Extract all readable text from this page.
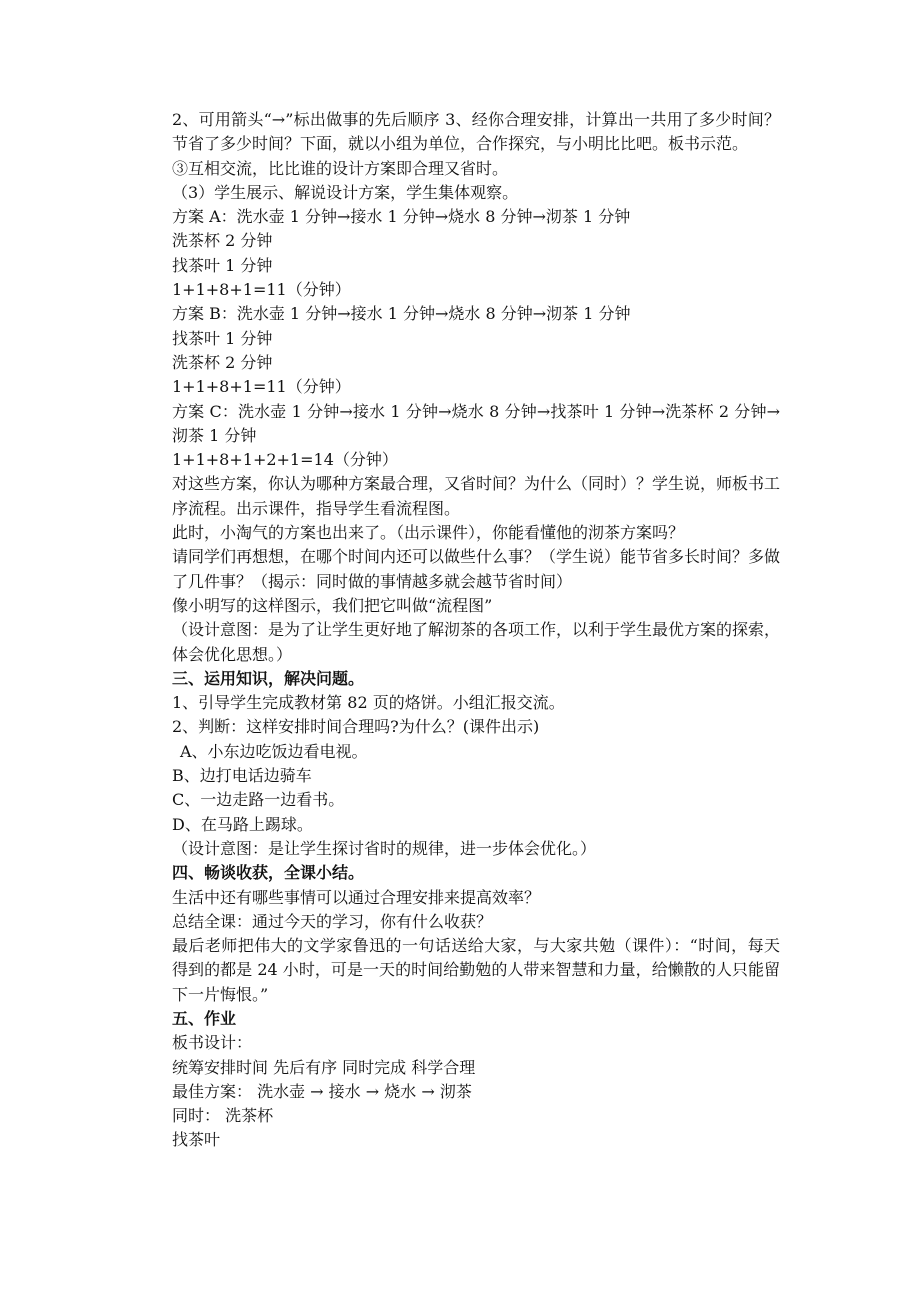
2、可用箭头“→”标出做事的先后顺序 3、经你合理安排，计算出一共用了多少时间？节省了多少时间？下面，就以小组为单位，合作探究，与小明比比吧。板书示范。

③互相交流，比比谁的设计方案即合理又省时。

（3）学生展示、解说设计方案，学生集体观察。

方案 A：洗水壶 1 分钟→接水 1 分钟→烧水 8 分钟→沏茶 1 分钟

洗茶杯 2 分钟

找茶叶 1 分钟

1+1+8+1=11（分钟）

方案 B：洗水壶 1 分钟→接水 1 分钟→烧水 8 分钟→沏茶 1 分钟

找茶叶 1 分钟

洗茶杯 2 分钟

1+1+8+1=11（分钟）

方案 C：洗水壶 1 分钟→接水 1 分钟→烧水 8 分钟→找茶叶 1 分钟→洗茶杯 2 分钟→沏茶 1 分钟

1+1+8+1+2+1=14（分钟）

对这些方案，你认为哪种方案最合理，又省时间？为什么（同时）？学生说，师板书工序流程。出示课件，指导学生看流程图。

此时，小淘气的方案也出来了。（出示课件），你能看懂他的沏茶方案吗？

请同学们再想想，在哪个时间内还可以做些什么事？（学生说）能节省多长时间？多做了几件事？（揭示：同时做的事情越多就会越节省时间）

像小明写的这样图示，我们把它叫做“流程图”

（设计意图：是为了让学生更好地了解沏茶的各项工作，以利于学生最优方案的探索，体会优化思想。）

三、运用知识，解决问题。

1、引导学生完成教材第 82 页的烙饼。小组汇报交流。

2、判断：这样安排时间合理吗?为什么？(课件出示)

A、小东边吃饭边看电视。

B、边打电话边骑车

C、一边走路一边看书。

D、在马路上踢球。

（设计意图：是让学生探讨省时的规律，进一步体会优化。）

四、畅谈收获，全课小结。

生活中还有哪些事情可以通过合理安排来提高效率？

总结全课：通过今天的学习，你有什么收获？

最后老师把伟大的文学家鲁迅的一句话送给大家，与大家共勉（课件）：“时间，每天得到的都是 24 小时，可是一天的时间给勤勉的人带来智慧和力量，给懒散的人只能留下一片悔恨。”

五、作业

板书设计：

统筹安排时间 先后有序 同时完成 科学合理

最佳方案： 洗水壶 → 接水 → 烧水 → 沏茶

同时： 洗茶杯

找茶叶
